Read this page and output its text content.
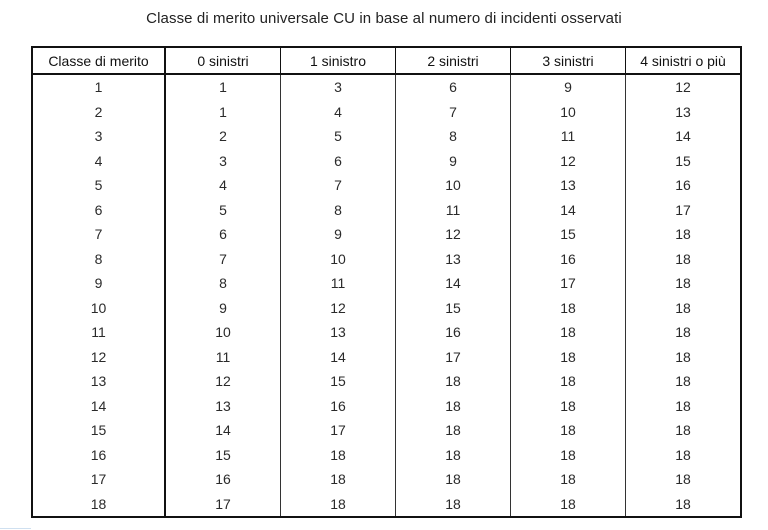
Classe di merito universale CU in base al numero di incidenti osservati
Classe di merito	0 sinistri	1 sinistro	2 sinistri	3 sinistri	4 sinistri o più
1	1	3	6	9	12
2	1	4	7	10	13
3	2	5	8	11	14
4	3	6	9	12	15
5	4	7	10	13	16
6	5	8	11	14	17
7	6	9	12	15	18
8	7	10	13	16	18
9	8	11	14	17	18
10	9	12	15	18	18
11	10	13	16	18	18
12	11	14	17	18	18
13	12	15	18	18	18
14	13	16	18	18	18
15	14	17	18	18	18
16	15	18	18	18	18
17	16	18	18	18	18
18	17	18	18	18	18
